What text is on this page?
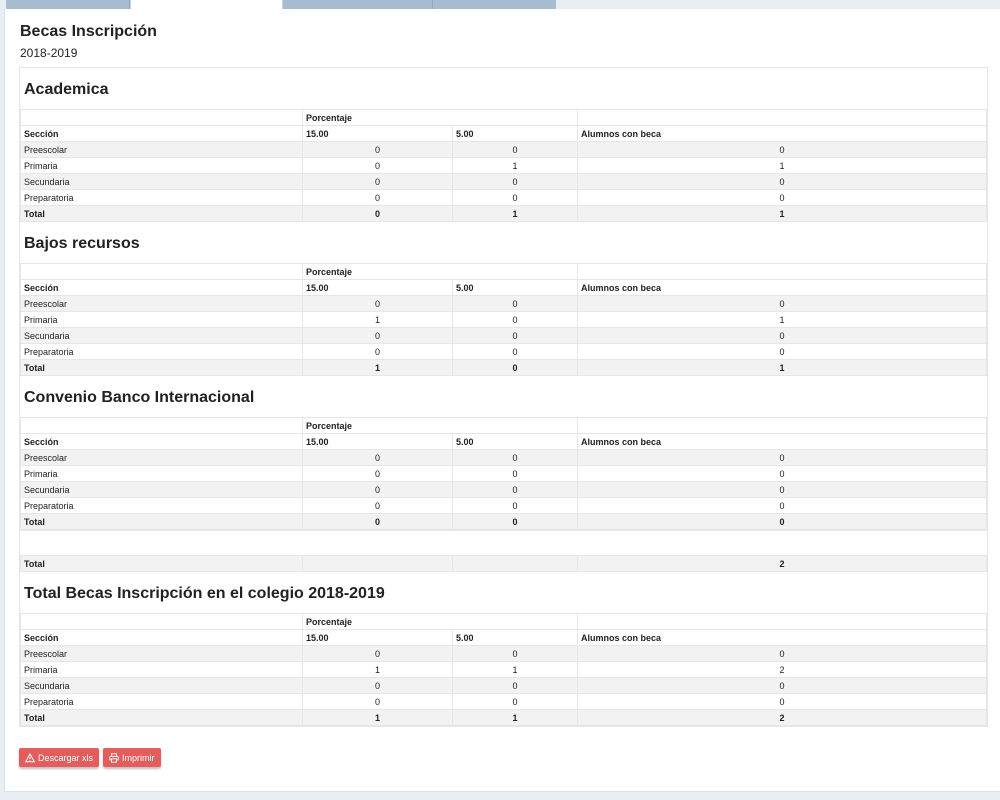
Becas Inscripción
2018-2019
Academica
	Porcentaje		
Sección	15.00	5.00	Alumnos con beca
Preescolar	0	0	0
Primaria	0	1	1
Secundaria	0	0	0
Preparatoria	0	0	0
Total	0	1	1
Bajos recursos
	Porcentaje		
Sección	15.00	5.00	Alumnos con beca
Preescolar	0	0	0
Primaria	1	0	1
Secundaria	0	0	0
Preparatoria	0	0	0
Total	1	0	1
Convenio Banco Internacional
	Porcentaje		
Sección	15.00	5.00	Alumnos con beca
Preescolar	0	0	0
Primaria	0	0	0
Secundaria	0	0	0
Preparatoria	0	0	0
Total	0	0	0
Total			2
Total Becas Inscripción en el colegio 2018-2019
	Porcentaje		
Sección	15.00	5.00	Alumnos con beca
Preescolar	0	0	0
Primaria	1	1	2
Secundaria	0	0	0
Preparatoria	0	0	0
Total	1	1	2
Descargar xls	Imprimir
